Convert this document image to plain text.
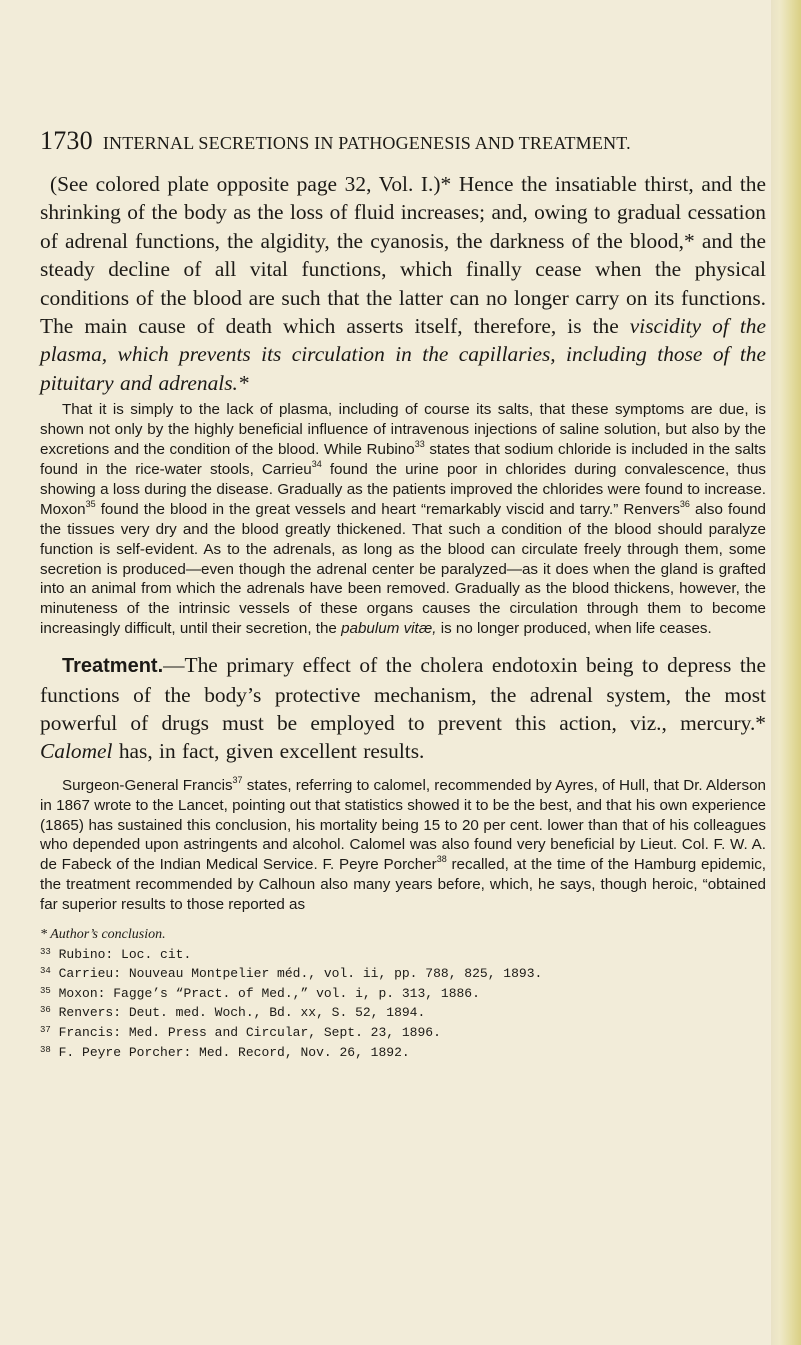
1730 INTERNAL SECRETIONS IN PATHOGENESIS AND TREATMENT.

(See colored plate opposite page 32, Vol. I.)* Hence the insatiable thirst, and the shrinking of the body as the loss of fluid increases; and, owing to gradual cessation of adrenal functions, the algidity, the cyanosis, the darkness of the blood,* and the steady decline of all vital functions, which finally cease when the physical conditions of the blood are such that the latter can no longer carry on its functions. The main cause of death which asserts itself, therefore, is the viscidity of the plasma, which prevents its circulation in the capillaries, including those of the pituitary and adrenals.*

That it is simply to the lack of plasma, including of course its salts, that these symptoms are due, is shown not only by the highly beneficial influence of intravenous injections of saline solution, but also by the excretions and the condition of the blood. While Rubino$^{33}$ states that sodium chloride is included in the salts found in the rice-water stools, Carrieu$^{34}$ found the urine poor in chlorides during convalescence, thus showing a loss during the disease. Gradually as the patients improved the chlorides were found to increase. Moxon$^{35}$ found the blood in the great vessels and heart “remarkably viscid and tarry.” Renvers$^{36}$ also found the tissues very dry and the blood greatly thickened. That such a condition of the blood should paralyze function is self-evident. As to the adrenals, as long as the blood can circulate freely through them, some secretion is produced—even though the adrenal center be paralyzed—as it does when the gland is grafted into an animal from which the adrenals have been removed. Gradually as the blood thickens, however, the minuteness of the intrinsic vessels of these organs causes the circulation through them to become increasingly difficult, until their secretion, the pabulum vitæ, is no longer produced, when life ceases.

Treatment.—The primary effect of the cholera endotoxin being to depress the functions of the body’s protective mechanism, the adrenal system, the most powerful of drugs must be employed to prevent this action, viz., mercury.* Calomel has, in fact, given excellent results.

Surgeon-General Francis$^{37}$ states, referring to calomel, recommended by Ayres, of Hull, that Dr. Alderson in 1867 wrote to the Lancet, pointing out that statistics showed it to be the best, and that his own experience (1865) has sustained this conclusion, his mortality being 15 to 20 per cent. lower than that of his colleagues who depended upon astringents and alcohol. Calomel was also found very beneficial by Lieut. Col. F. W. A. de Fabeck of the Indian Medical Service. F. Peyre Porcher$^{38}$ recalled, at the time of the Hamburg epidemic, the treatment recommended by Calhoun also many years before, which, he says, though heroic, “obtained far superior results to those reported as

* Author’s conclusion.
$^{33}$ Rubino: Loc. cit.
$^{34}$ Carrieu: Nouveau Montpelier méd., vol. ii, pp. 788, 825, 1893.
$^{35}$ Moxon: Fagge’s “Pract. of Med.,” vol. i, p. 313, 1886.
$^{36}$ Renvers: Deut. med. Woch., Bd. xx, S. 52, 1894.
$^{37}$ Francis: Med. Press and Circular, Sept. 23, 1896.
$^{38}$ F. Peyre Porcher: Med. Record, Nov. 26, 1892.
